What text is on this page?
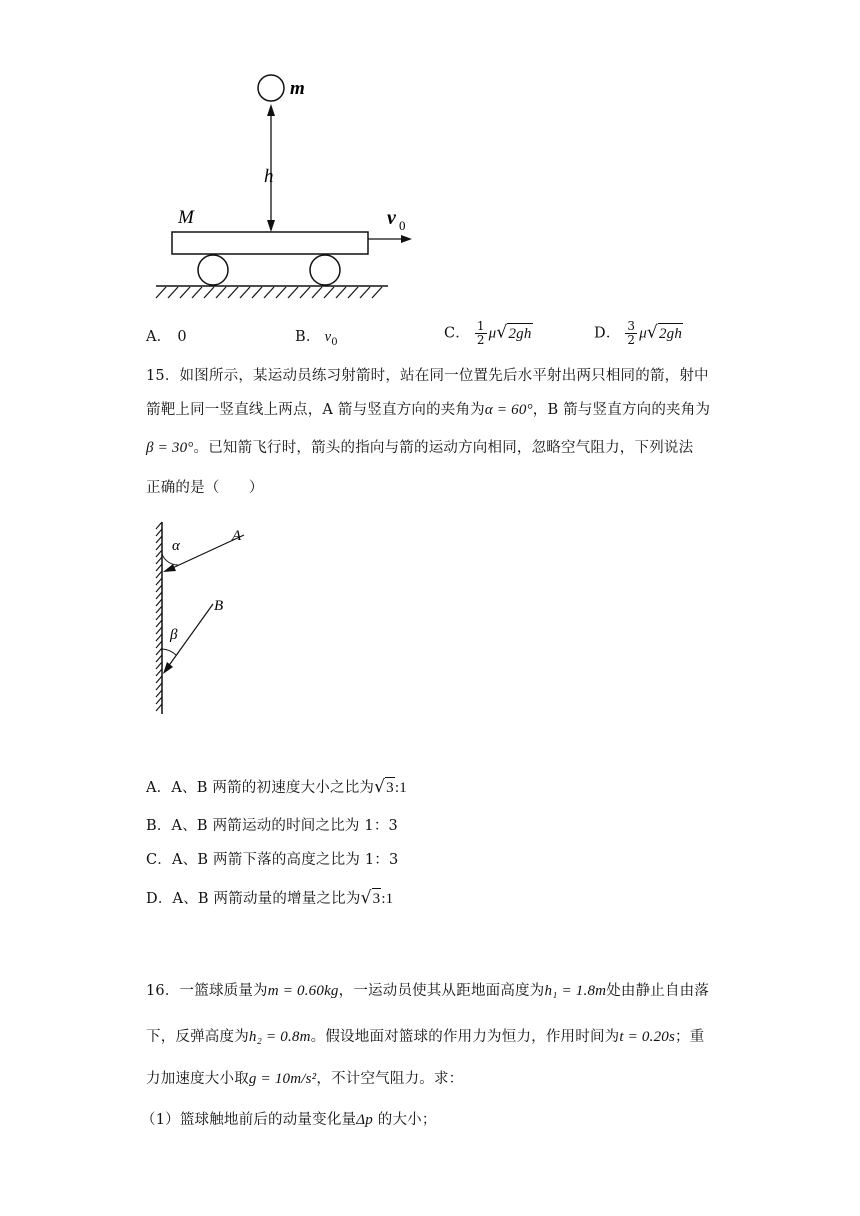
m
h
M	v 0
A． 0	B． $v_0$
C． $\frac{1}{2} \mu√2gh$	D． $\frac{3}{2} \mu√2gh$
15．如图所示，某运动员练习射箭时，站在同一位置先后水平射出两只相同的箭，射中
箭靶上同一竖直线上两点，A 箭与竖直方向的夹角为α = 60°，B 箭与竖直方向的夹角为
β = 30°。已知箭飞行时，箭头的指向与箭的运动方向相同，忽略空气阻力，下列说法
正确的是（　　）
A
α
B
β
A．A、B 两箭的初速度大小之比为√3:1
B．A、B 两箭运动的时间之比为 1：3
C．A、B 两箭下落的高度之比为 1：3
D．A、B 两箭动量的增量之比为√3:1
16．一篮球质量为m = 0.60kg，一运动员使其从距地面高度为h₁ = 1.8m处由静止自由落
下，反弹高度为h₂ = 0.8m。假设地面对篮球的作用力为恒力，作用时间为t = 0.20s；重
力加速度大小取g = 10m/s²，不计空气阻力。求：
（1）篮球触地前后的动量变化量Δp 的大小；
